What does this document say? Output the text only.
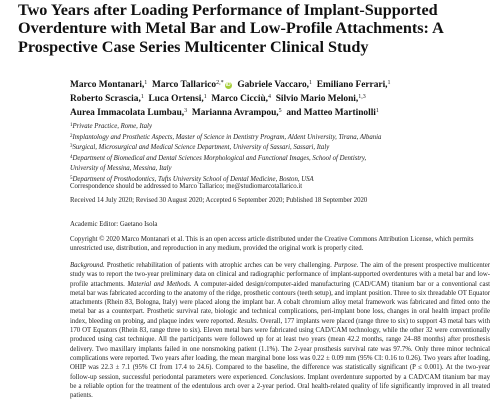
Two Years after Loading Performance of Implant-Supported Overdenture with Metal Bar and Low-Profile Attachments: A Prospective Case Series Multicenter Clinical Study
Marco Montanari,$^1$ Marco Tallarico$^{2,*}$ iD Gabriele Vaccaro,$^1$ Emiliano Ferrari,$^1$
Roberto Scrascia,$^1$ Luca Ortensi,$^1$ Marco Cicciù,$^4$ Silvio Mario Meloni,$^{1,3}$
Aurea Immacolata Lumbau,$^3$ Marianna Avrampou,$^5$ and Matteo Martinolli$^1$
$^1$Private Practice, Rome, Italy
$^2$Implantology and Prosthetic Aspects, Master of Science in Dentistry Program, Aldent University, Tirana, Albania
$^3$Surgical, Microsurgical and Medical Science Department, University of Sassari, Sassari, Italy
$^4$Department of Biomedical and Dental Sciences Morphological and Functional Images, School of Dentistry,
University of Messina, Messina, Italy
$^5$Department of Prosthodontics, Tufts University School of Dental Medicine, Boston, USA
Correspondence should be addressed to Marco Tallarico; me@studiomarcotallarico.it
Received 14 July 2020; Revised 30 August 2020; Accepted 6 September 2020; Published 18 September 2020
Academic Editor: Gaetano Isola
Copyright © 2020 Marco Montanari et al. This is an open access article distributed under the Creative Commons Attribution License, which permits unrestricted use, distribution, and reproduction in any medium, provided the original work is properly cited.

Background. Prosthetic rehabilitation of patients with atrophic arches can be very challenging. Purpose. The aim of the present prospective multicenter study was to report the two-year preliminary data on clinical and radiographic performance of implant-supported overdentures with a metal bar and low-profile attachments. Material and Methods. A computer-aided design/computer-aided manufacturing (CAD/CAM) titanium bar or a conventional cast metal bar was fabricated according to the anatomy of the ridge, prosthetic contours (teeth setup), and implant position. Three to six threadable OT Equator attachments (Rhein 83, Bologna, Italy) were placed along the implant bar. A cobalt chromium alloy metal framework was fabricated and fitted onto the metal bar as a counterpart. Prosthetic survival rate, biologic and technical complications, peri-implant bone loss, changes in oral health impact profile index, bleeding on probing, and plaque index were reported. Results. Overall, 177 implants were placed (range three to six) to support 43 metal bars with 170 OT Equators (Rhein 83, range three to six). Eleven metal bars were fabricated using CAD/CAM technology, while the other 32 were conventionally produced using cast technique. All the participants were followed up for at least two years (mean 42.2 months, range 24–88 months) after prosthesis delivery. Two maxillary implants failed in one nonsmoking patient (1.1%). The 2-year prosthesis survival rate was 97.7%. Only three minor technical complications were reported. Two years after loading, the mean marginal bone loss was 0.22 ± 0.09 mm (95% CI: 0.16 to 0.26). Two years after loading, OHIP was 22.3 ± 7.1 (95% CI from 17.4 to 24.6). Compared to the baseline, the difference was statistically significant (P ≤ 0.001). At the two-year follow-up session, successful periodontal parameters were experienced. Conclusions. Implant overdenture supported by a CAD/CAM titanium bar may be a reliable option for the treatment of the edentulous arch over a 2-year period. Oral health-related quality of life significantly improved in all treated patients.
